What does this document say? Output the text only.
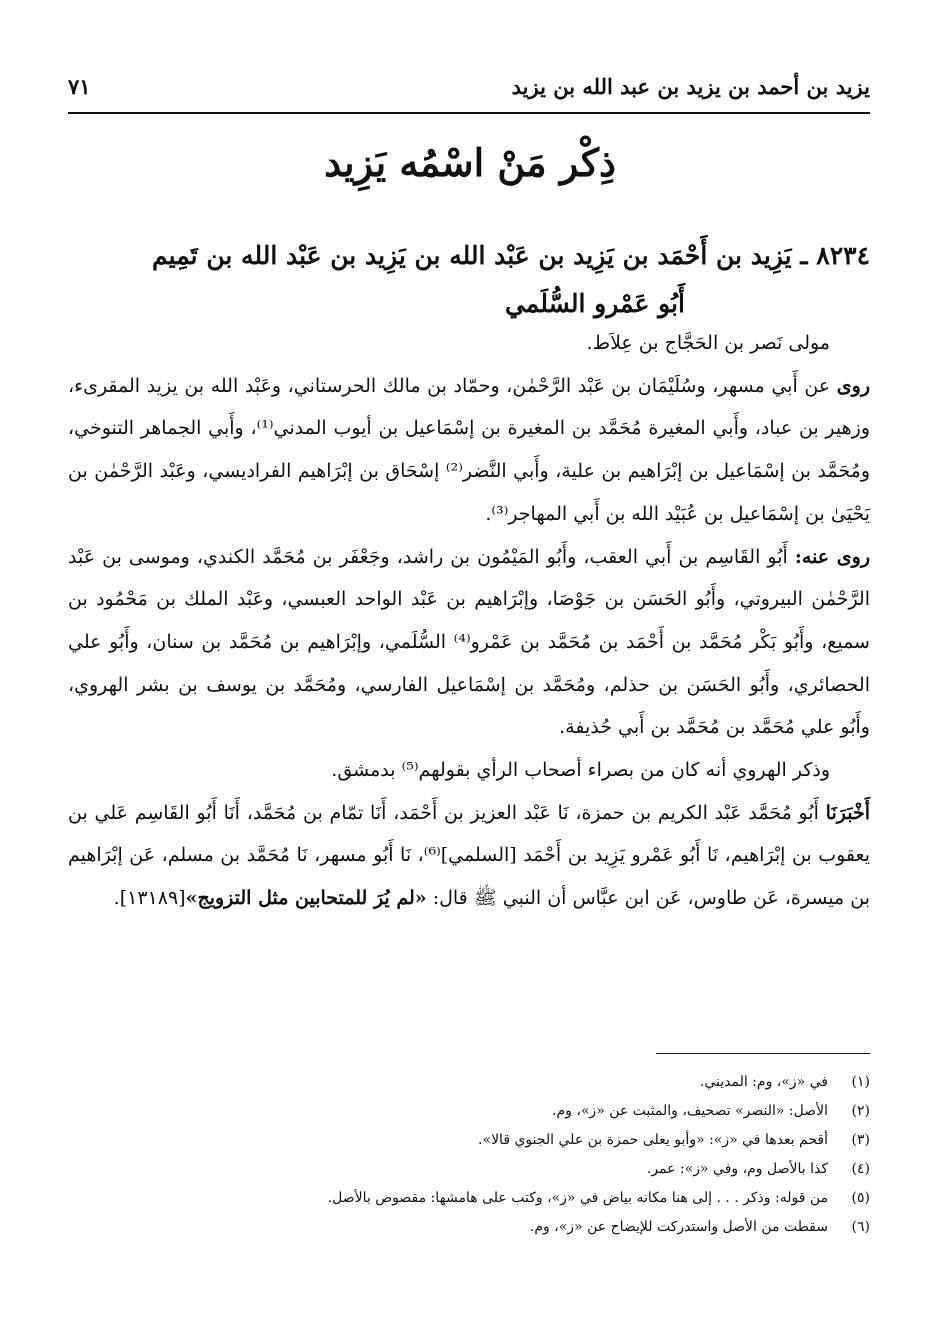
يزيد بن أحمد بن يزيد بن عبد الله بن يزيد
٧١
ذِكْر مَنْ اسْمُه يَزِيد
٨٢٣٤ ـ يَزِيد بن أَحْمَد بن يَزِيد بن عَبْد الله بن يَزِيد بن عَبْد الله بن تَمِيم
أَبُو عَمْرو السُّلَمي

مولى نَصر بن الحَجَّاج بن عِلاَط.

روى عن أَبي مسهر، وسُلَيْمَان بن عَبْد الرَّحْمٰن، وحمّاد بن مالك الحرستاني، وعَبْد الله بن يزيد المقرىء، وزهير بن عباد، وأَبي المغيرة مُحَمَّد بن المغيرة بن إسْمَاعيل بن أيوب المدني⁽¹⁾، وأَبي الجماهر التنوخي، ومُحَمَّد بن إسْمَاعيل بن إبْرَاهيم بن علية، وأَبي النَّضر⁽²⁾ إسْحَاق بن إبْرَاهيم الفراديسي، وعَبْد الرَّحْمٰن بن يَحْيَىٰ بن إسْمَاعيل بن عُبَيْد الله بن أَبي المهاجر⁽³⁾.

روى عنه: أَبُو القَاسِم بن أَبي العقب، وأَبُو المَيْمُون بن راشد، وجَعْفَر بن مُحَمَّد الكندي، وموسى بن عَبْد الرَّحْمٰن البيروتي، وأَبُو الحَسَن بن جَوْصَا، وإبْرَاهيم بن عَبْد الواحد العبسي، وعَبْد الملك بن مَحْمُود بن سميع، وأَبُو بَكْر مُحَمَّد بن أَحْمَد بن مُحَمَّد بن عَمْرو⁽⁴⁾ السُّلَمي، وإبْرَاهيم بن مُحَمَّد بن سنان، وأَبُو علي الحصائري، وأَبُو الحَسَن بن حذلم، ومُحَمَّد بن إسْمَاعيل الفارسي، ومُحَمَّد بن يوسف بن بشر الهروي، وأَبُو علي مُحَمَّد بن مُحَمَّد بن أَبي حُذيفة.

وذكر الهروي أنه كان من بصراء أصحاب الرأي بقولهم⁽⁵⁾ بدمشق.

أَخْبَرَنَا أَبُو مُحَمَّد عَبْد الكريم بن حمزة، نَا عَبْد العزيز بن أَحْمَد، أَنَا تمّام بن مُحَمَّد، أَنَا أَبُو القَاسِم عَلي بن يعقوب بن إبْرَاهيم، نَا أَبُو عَمْرو يَزِيد بن أَحْمَد [السلمي]⁽⁶⁾، نَا أَبُو مسهر، نَا مُحَمَّد بن مسلم، عَن إبْرَاهيم بن ميسرة، عَن طاوس، عَن ابن عبَّاس أن النبي ﷺ قال: «لم يُرَ للمتحابين مثل التزويج»[١٣١٨٩].

(١)
في «ز»، وم: المديني.
(٢)
الأصل: «النصر» تصحيف، والمثبت عن «ز»، وم.
(٣)
أقحم بعدها في «ز»: «وأبو يعلى حمزة بن علي الجنوي قالا».
(٤)
كذا بالأصل وم، وفي «ز»: عمر.
(٥)
من قوله: وذكر . . . إلى هنا مكانه بياض في «ز»، وكتب على هامشها: مقصوص بالأصل.
(٦)
سقطت من الأصل واستدركت للإيضاح عن «ز»، وم.
